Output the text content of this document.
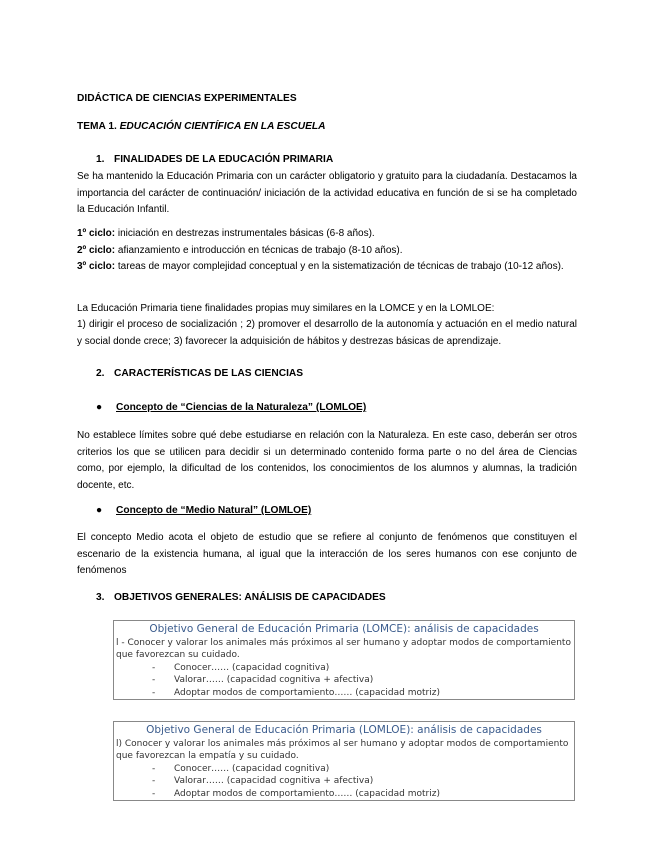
DIDÁCTICA DE CIENCIAS EXPERIMENTALES
TEMA 1. EDUCACIÓN CIENTÍFICA EN LA ESCUELA
1. FINALIDADES DE LA EDUCACIÓN PRIMARIA
Se ha mantenido la Educación Primaria con un carácter obligatorio y gratuito para la ciudadanía. Destacamos la importancia del carácter de continuación/ iniciación de la actividad educativa en función de si se ha completado la Educación Infantil.
1º ciclo: iniciación en destrezas instrumentales básicas (6-8 años).
2º ciclo: afianzamiento e introducción en técnicas de trabajo (8-10 años).
3º ciclo: tareas de mayor complejidad conceptual y en la sistematización de técnicas de trabajo (10-12 años).
La Educación Primaria tiene finalidades propias muy similares en la LOMCE y en la LOMLOE:
1) dirigir el proceso de socialización ; 2) promover el desarrollo de la autonomía y actuación en el medio natural y social donde crece; 3) favorecer la adquisición de hábitos y destrezas básicas de aprendizaje.
2. CARACTERÍSTICAS DE LAS CIENCIAS
● Concepto de “Ciencias de la Naturaleza” (LOMLOE)
No establece límites sobre qué debe estudiarse en relación con la Naturaleza. En este caso, deberán ser otros criterios los que se utilicen para decidir si un determinado contenido forma parte o no del área de Ciencias como, por ejemplo, la dificultad de los contenidos, los conocimientos de los alumnos y alumnas, la tradición docente, etc.
● Concepto de “Medio Natural” (LOMLOE)
El concepto Medio acota el objeto de estudio que se refiere al conjunto de fenómenos que constituyen el escenario de la existencia humana, al igual que la interacción de los seres humanos con ese conjunto de fenómenos
3. OBJETIVOS GENERALES: ANÁLISIS DE CAPACIDADES
Objetivo General de Educación Primaria (LOMCE): análisis de capacidades
l - Conocer y valorar los animales más próximos al ser humano y adoptar modos de comportamiento que favorezcan su cuidado.
- Conocer…… (capacidad cognitiva)
- Valorar…… (capacidad cognitiva + afectiva)
- Adoptar modos de comportamiento…… (capacidad motriz)
Objetivo General de Educación Primaria (LOMLOE): análisis de capacidades
l) Conocer y valorar los animales más próximos al ser humano y adoptar modos de comportamiento que favorezcan la empatía y su cuidado.
- Conocer…… (capacidad cognitiva)
- Valorar…… (capacidad cognitiva + afectiva)
- Adoptar modos de comportamiento…… (capacidad motriz)
